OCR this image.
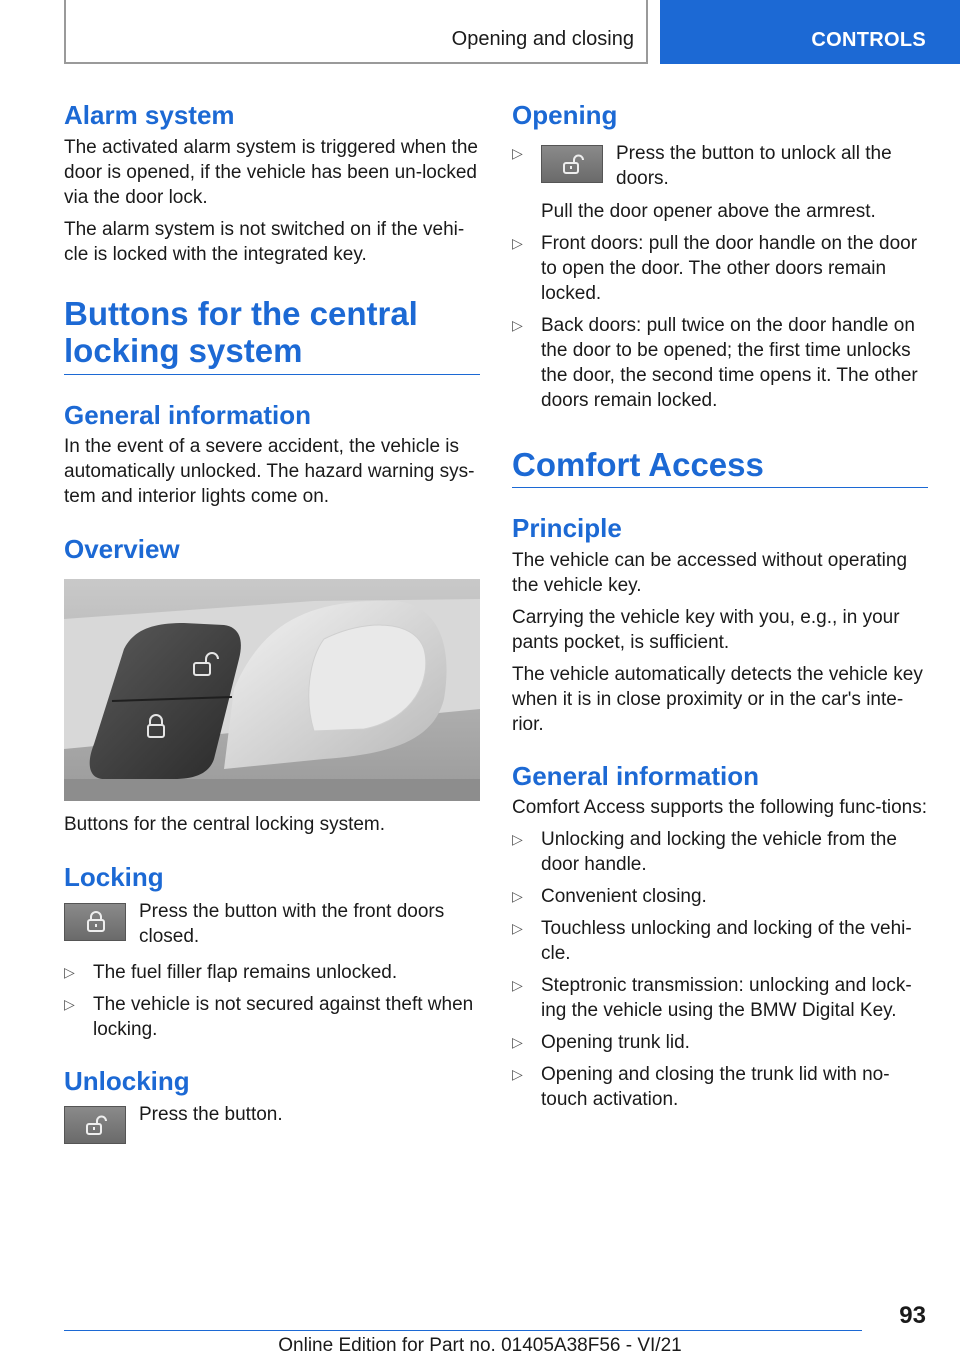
Opening and closing	CONTROLS
Alarm system

The activated alarm system is triggered when the door is opened, if the vehicle has been un‐locked via the door lock.

The alarm system is not switched on if the vehi‐cle is locked with the integrated key.

Buttons for the central locking system
General information

In the event of a severe accident, the vehicle is automatically unlocked. The hazard warning sys‐tem and interior lights come on.

Overview

Buttons for the central locking system.

Locking

Press the button with the front doors closed.

▷ The fuel filler flap remains unlocked.
▷ The vehicle is not secured against theft when locking.
Unlocking

Press the button.

Opening
▷	Press the button to unlock all the doors.
Pull the door opener above the armrest.
▷ Front doors: pull the door handle on the door to open the door. The other doors remain locked.
▷ Back doors: pull twice on the door handle on the door to be opened; the first time unlocks the door, the second time opens it. The other doors remain locked.
Comfort Access
Principle

The vehicle can be accessed without operating the vehicle key.

Carrying the vehicle key with you, e.g., in your pants pocket, is sufficient.

The vehicle automatically detects the vehicle key when it is in close proximity or in the car's inte‐rior.

General information

Comfort Access supports the following func‐tions:

▷ Unlocking and locking the vehicle from the door handle.
▷ Convenient closing.
▷ Touchless unlocking and locking of the vehi‐cle.
▷ Steptronic transmission: unlocking and lock‐ing the vehicle using the BMW Digital Key.
▷ Opening trunk lid.
▷ Opening and closing the trunk lid with no-touch activation.
93
Online Edition for Part no. 01405A38F56 - VI/21
